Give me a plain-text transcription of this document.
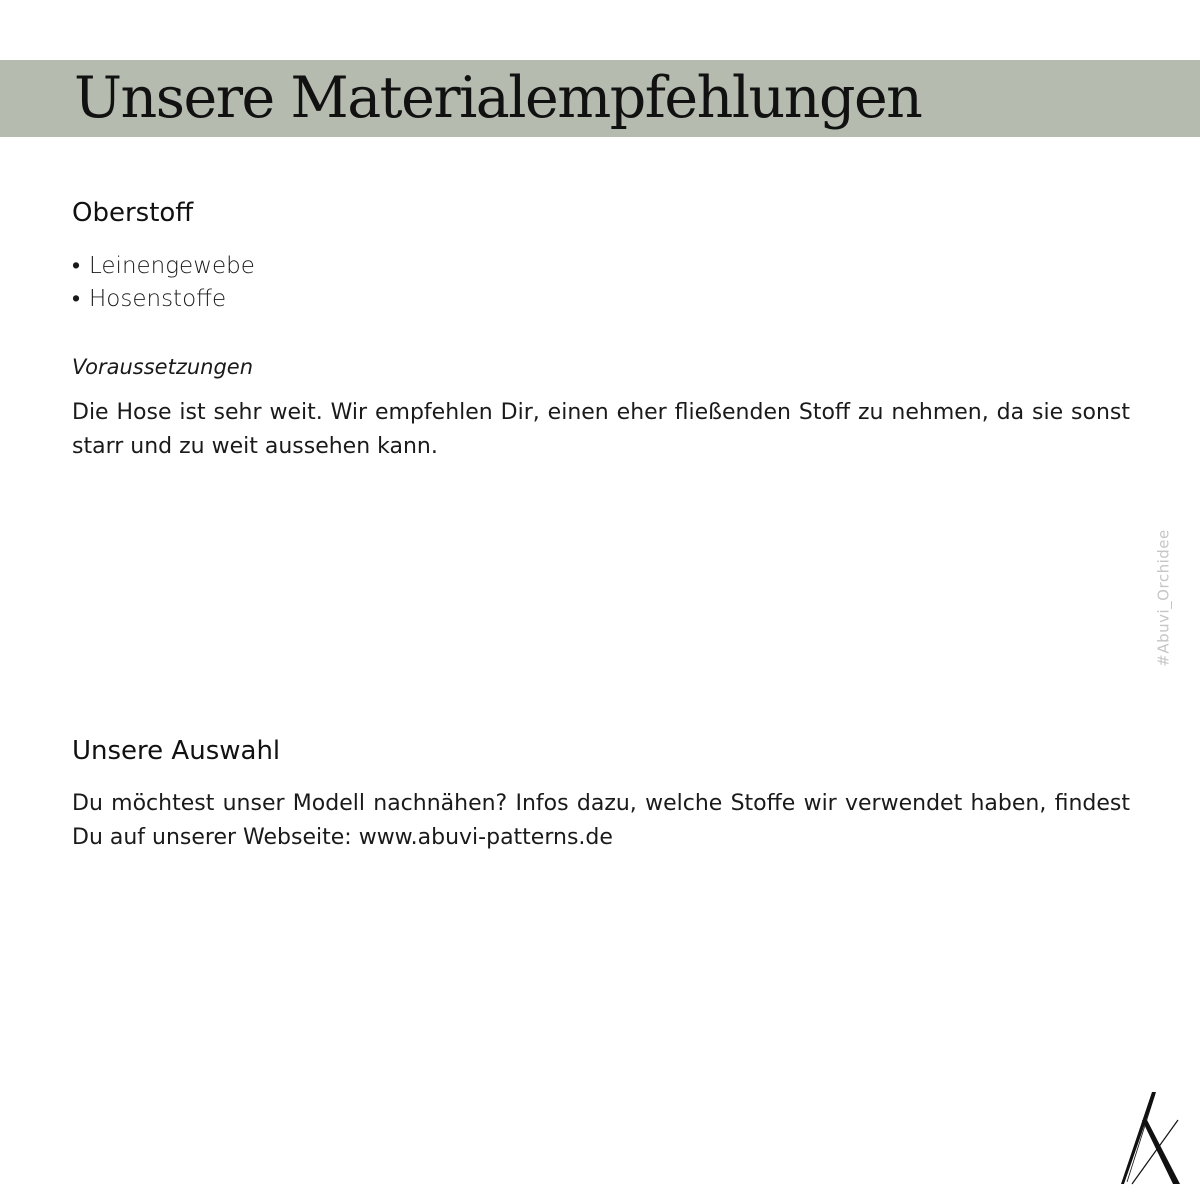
Unsere Materialempfehlungen
Oberstoff
• Leinengewebe
• Hosenstoffe

Voraussetzungen

Die Hose ist sehr weit. Wir empfehlen Dir, einen eher fließenden Stoff zu nehmen, da sie sonst starr und zu weit aussehen kann.

#Abuvi_Orchidee
Unsere Auswahl

Du möchtest unser Modell nachnähen? Infos dazu, welche Stoffe wir verwendet haben, findest Du auf unserer Webseite: www.abuvi-patterns.de
